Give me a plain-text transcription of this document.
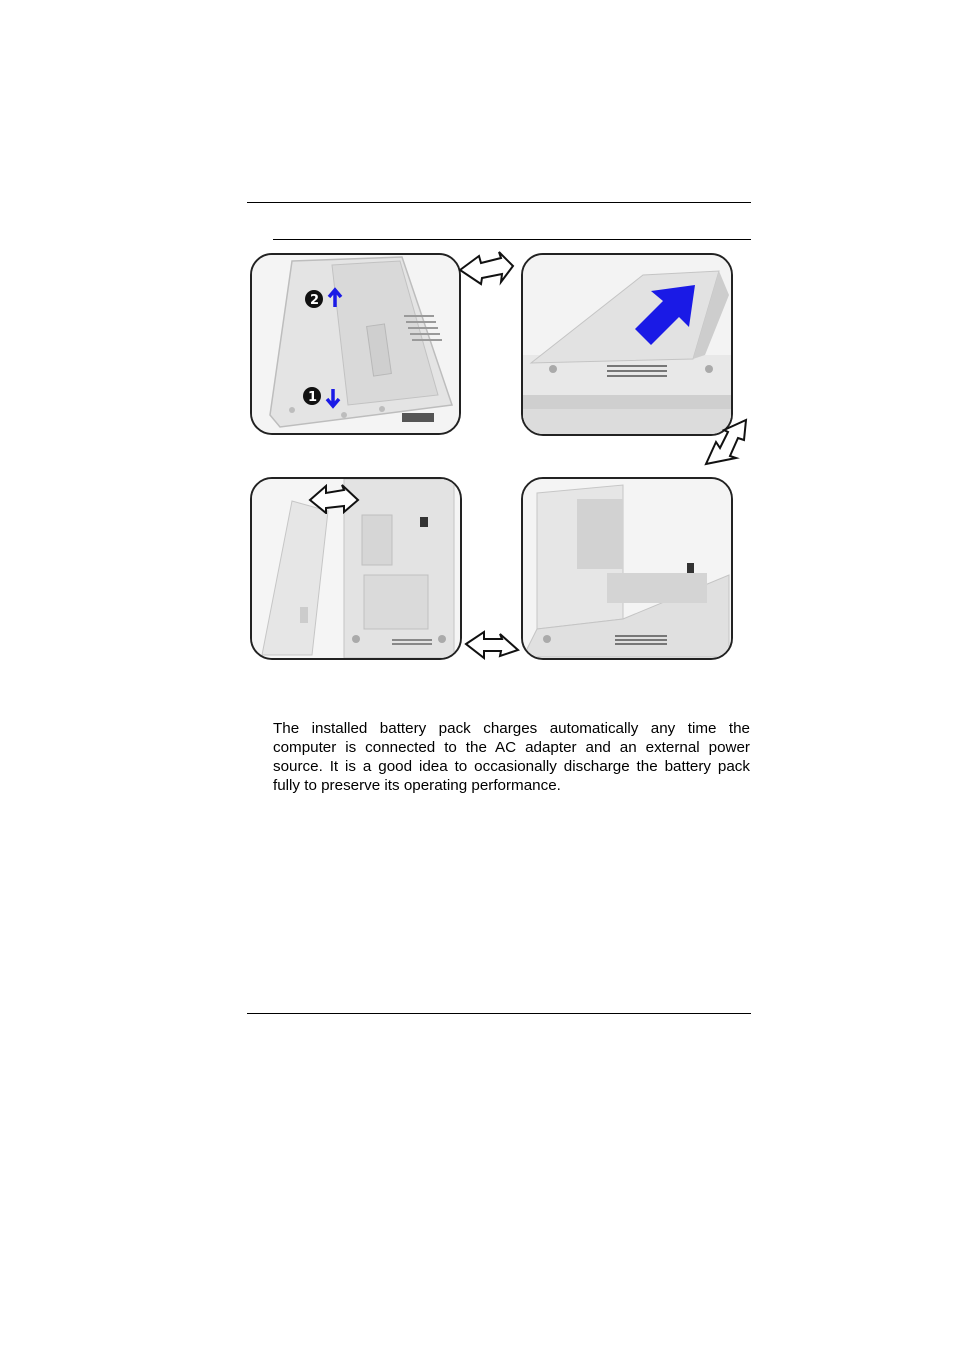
2
1

The installed battery pack charges automatically any time the computer is connected to the AC adapter and an external power source. It is a good idea to occasionally discharge the battery pack fully to preserve its operating performance.
